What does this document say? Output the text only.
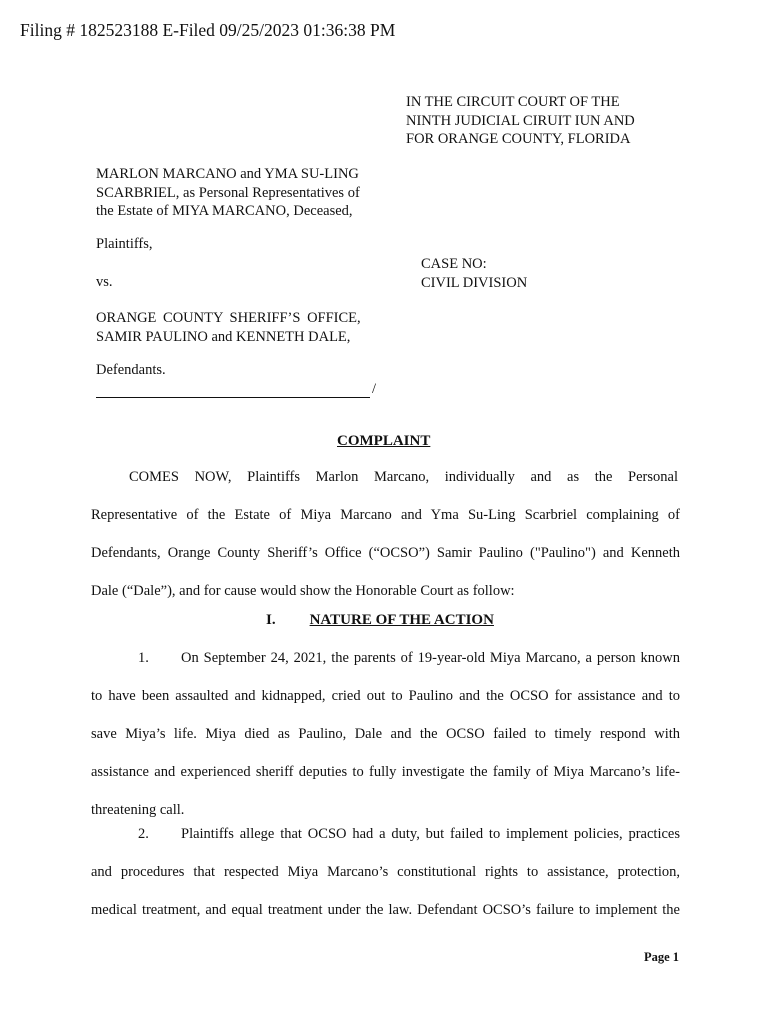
Filing # 182523188 E-Filed 09/25/2023 01:36:38 PM
IN THE CIRCUIT COURT OF THE
NINTH JUDICIAL CIRUIT IUN AND
FOR ORANGE COUNTY, FLORIDA
MARLON MARCANO and YMA SU-LING
SCARBRIEL, as Personal Representatives of
the Estate of MIYA MARCANO, Deceased,
Plaintiffs,
CASE NO:
CIVIL DIVISION
vs.
ORANGE COUNTY SHERIFF’S OFFICE,
SAMIR PAULINO and KENNETH DALE,
Defendants.
/
COMPLAINT
COMES NOW, Plaintiffs Marlon Marcano, individually and as the Personal
Representative of the Estate of Miya Marcano and Yma Su-Ling Scarbriel complaining of
Defendants, Orange County Sheriff’s Office (“OCSO”) Samir Paulino ("Paulino") and Kenneth
Dale (“Dale”), and for cause would show the Honorable Court as follow:
I. NATURE OF THE ACTION
1. On September 24, 2021, the parents of 19-year-old Miya Marcano, a person known
to have been assaulted and kidnapped, cried out to Paulino and the OCSO for assistance and to
save Miya’s life. Miya died as Paulino, Dale and the OCSO failed to timely respond with
assistance and experienced sheriff deputies to fully investigate the family of Miya Marcano’s life-
threatening call.
2. Plaintiffs allege that OCSO had a duty, but failed to implement policies, practices
and procedures that respected Miya Marcano’s constitutional rights to assistance, protection,
medical treatment, and equal treatment under the law. Defendant OCSO’s failure to implement the
Page 1
